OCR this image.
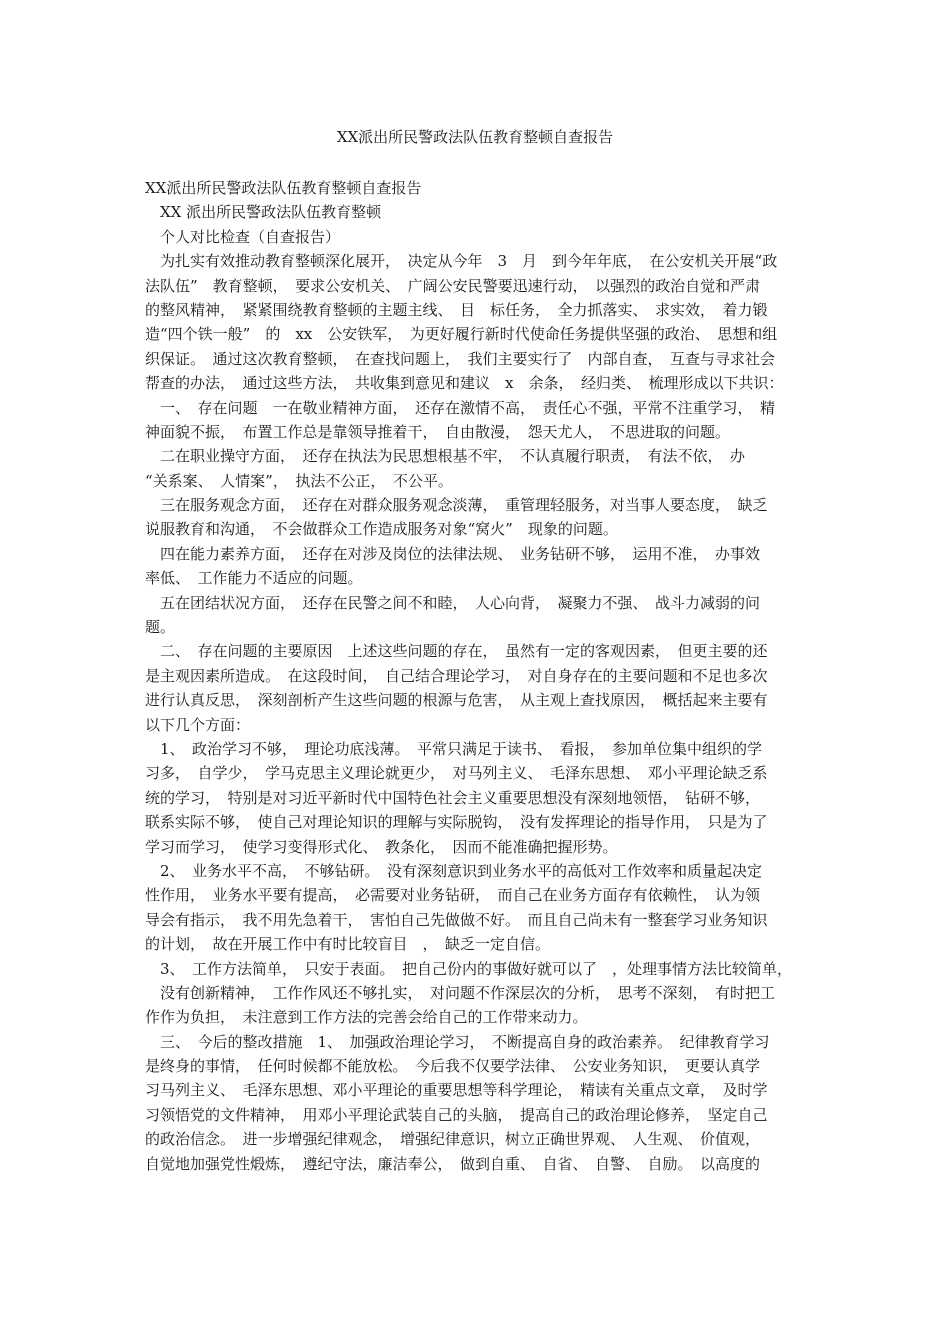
XX派出所民警政法队伍教育整顿自查报告

XX派出所民警政法队伍教育整顿自查报告

　XX 派出所民警政法队伍教育整顿

　个人对比检查（自查报告）

　为扎实有效推动教育整顿深化展开，　决定从今年　3　月　到今年年底，　在公安机关开展“政

法队伍”　教育整顿，　要求公安机关、　广阔公安民警要迅速行动，　以强烈的政治自觉和严肃

的整风精神，　紧紧围绕教育整顿的主题主线、　目　标任务，　全力抓落实、　求实效，　着力锻

造“四个铁一般”　的　xx　公安铁军，　为更好履行新时代使命任务提供坚强的政治、　思想和组

织保证。　通过这次教育整顿，　在查找问题上，　我们主要实行了　内部自查，　互查与寻求社会

帮查的办法，　通过这些方法，　共收集到意见和建议　x　余条，　经归类、　梳理形成以下共识：

　一、　存在问题　一在敬业精神方面，　还存在激情不高，　责任心不强，平常不注重学习，　精

神面貌不振，　布置工作总是靠领导推着干，　自由散漫，　怨天尤人，　不思进取的问题。

　二在职业操守方面，　还存在执法为民思想根基不牢，　不认真履行职责，　有法不依，　办

“关系案、　人情案”，　执法不公正，　不公平。

　三在服务观念方面，　还存在对群众服务观念淡薄，　重管理轻服务，对当事人要态度，　缺乏

说服教育和沟通，　不会做群众工作造成服务对象“窝火”　现象的问题。

　四在能力素养方面，　还存在对涉及岗位的法律法规、　业务钻研不够，　运用不准，　办事效

率低、　工作能力不适应的问题。

　五在团结状况方面，　还存在民警之间不和睦，　人心向背，　凝聚力不强、　战斗力减弱的问

题。

　二、　存在问题的主要原因　上述这些问题的存在，　虽然有一定的客观因素，　但更主要的还

是主观因素所造成。　在这段时间，　自己结合理论学习，　对自身存在的主要问题和不足也多次

进行认真反思，　深刻剖析产生这些问题的根源与危害，　从主观上查找原因，　概括起来主要有

以下几个方面：

　1、　政治学习不够，　理论功底浅薄。　平常只满足于读书、　看报，　参加单位集中组织的学

习多，　自学少，　学马克思主义理论就更少，　对马列主义、　毛泽东思想、　邓小平理论缺乏系

统的学习，　特别是对习近平新时代中国特色社会主义重要思想没有深刻地领悟，　钻研不够，

联系实际不够，　使自己对理论知识的理解与实际脱钩，　没有发挥理论的指导作用，　只是为了

学习而学习，　使学习变得形式化、　教条化，　因而不能准确把握形势。

　2、　业务水平不高，　不够钻研。　没有深刻意识到业务水平的高低对工作效率和质量起决定

性作用，　业务水平要有提高，　必需要对业务钻研，　而自己在业务方面存有依赖性，　认为领

导会有指示，　我不用先急着干，　害怕自己先做做不好。　而且自己尚未有一整套学习业务知识

的计划，　故在开展工作中有时比较盲目　，　缺乏一定自信。

　3、　工作方法简单，　只安于表面。　把自己份内的事做好就可以了　，处理事情方法比较简单，

　没有创新精神，　工作作风还不够扎实，　对问题不作深层次的分析，　思考不深刻，　有时把工

作作为负担，　未注意到工作方法的完善会给自己的工作带来动力。

　三、　今后的整改措施　1、　加强政治理论学习，　不断提高自身的政治素养。　纪律教育学习

是终身的事情，　任何时候都不能放松。　今后我不仅要学法律、　公安业务知识，　更要认真学

习马列主义、　毛泽东思想、邓小平理论的重要思想等科学理论，　精读有关重点文章，　及时学

习领悟党的文件精神，　用邓小平理论武装自己的头脑，　提高自己的政治理论修养，　坚定自己

的政治信念。　进一步增强纪律观念，　增强纪律意识，树立正确世界观、　人生观、　价值观，

自觉地加强党性煅炼，　遵纪守法，廉洁奉公，　做到自重、　自省、　自警、　自励。　以高度的
